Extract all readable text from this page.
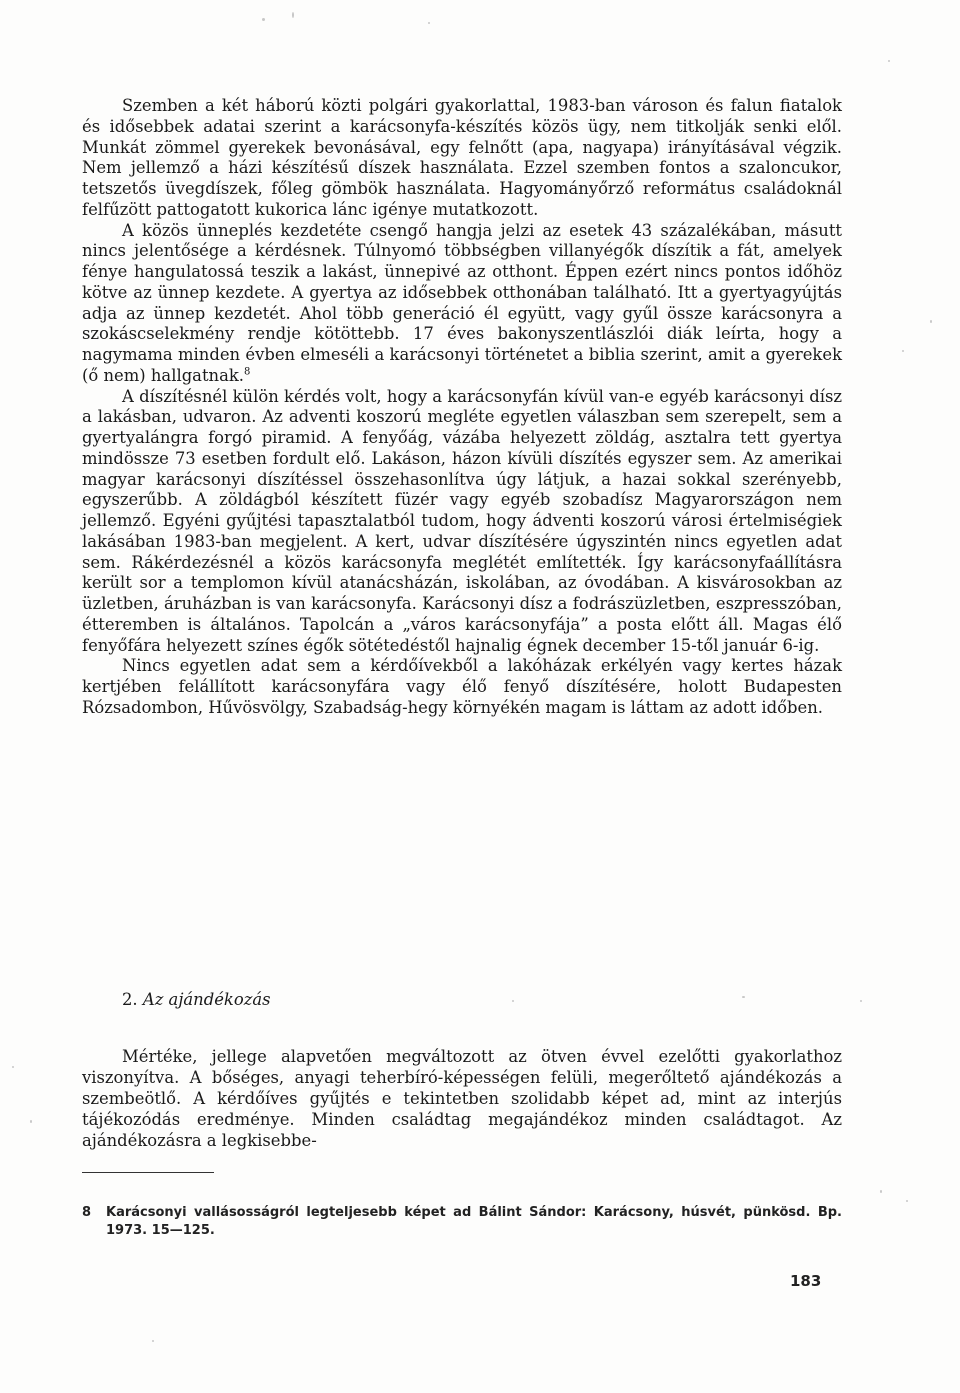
Szemben a két háború közti polgári gyakorlattal, 1983-ban városon és falun fiatalok és idősebbek adatai szerint a karácsonyfa-készítés közös ügy, nem titkolják senki elől. Munkát zömmel gyerekek bevonásával, egy felnőtt (apa, nagyapa) irányításával végzik. Nem jellemző a házi készítésű díszek használata. Ezzel szemben fontos a szaloncukor, tetszetős üvegdíszek, főleg gömbök használata. Hagyományőrző református családoknál felfűzött pattogatott kukorica lánc igénye mutatkozott.

A közös ünneplés kezdetéte csengő hangja jelzi az esetek 43 százalékában, másutt nincs jelentősége a kérdésnek. Túlnyomó többségben villanyégők díszítik a fát, amelyek fénye hangulatossá teszik a lakást, ünnepivé az otthont. Éppen ezért nincs pontos időhöz kötve az ünnep kezdete. A gyertya az idősebbek otthonában található. Itt a gyertyagyújtás adja az ünnep kezdetét. Ahol több generáció él együtt, vagy gyűl össze karácsonyra a szokáscselekmény rendje kötöttebb. 17 éves bakonyszentlászlói diák leírta, hogy a nagymama minden évben elmeséli a karácsonyi történetet a biblia szerint, amit a gyerekek (ő nem) hallgatnak.$^8$

A díszítésnél külön kérdés volt, hogy a karácsonyfán kívül van-e egyéb karácsonyi dísz a lakásban, udvaron. Az adventi koszorú meglétе egyetlen válaszban sem szerepelt, sem a gyertyalángra forgó piramid. A fenyőág, vázába helyezett zöldág, asztalra tett gyertya mindössze 73 esetben fordult elő. Lakáson, házon kívüli díszítés egyszer sem. Az amerikai magyar karácsonyi díszítéssel összehasonlítva úgy látjuk, a hazai sokkal szerényebb, egyszerűbb. A zöldágból készített füzér vagy egyéb szobadísz Magyarországon nem jellemző. Egyéni gyűjtési tapasztalatból tudom, hogy ádventi koszorú városi értelmiségiek lakásában 1983-ban megjelent. A kert, udvar díszítésére úgyszintén nincs egyetlen adat sem. Rákérdezésnél a közös karácsonyfa meglétét említették. Így karácsonyfaállításra került sor a templomon kívül atanácsházán, iskolában, az óvodában. A kisvárosokban az üzletben, áruházban is van karácsonyfa. Karácsonyi dísz a fodrászüzletben, eszpresszóban, étteremben is általános. Tapolcán a „város karácsonyfája” a posta előtt áll. Magas élő fenyőfára helyezett színes égők sötétedéstől hajnalig égnek december 15-től január 6-ig.

Nincs egyetlen adat sem a kérdőívekből a lakóházak erkélyén vagy kertes házak kertjében felállított karácsonyfára vagy élő fenyő díszítésére, holott Budapesten Rózsadombon, Hűvösvölgy, Szabadság-hegy környékén magam is láttam az adott időben.

2. Az ajándékozás

Mértéke, jellege alapvetően megváltozott az ötven évvel ezelőtti gyakorlathoz viszonyítva. A bőséges, anyagi teherbíró-képességen felüli, megerőltető ajándékozás a szembeötlő. A kérdőíves gyűjtés e tekintetben szolidabb képet ad, mint az interjús tájékozódás eredménye. Minden családtag megajándékoz minden családtagot. Az ajándékozásra a legkisebbe-

8 Karácsonyi vallásosságról legteljesebb képet ad Bálint Sándor: Karácsony, húsvét, pünkösd. Bp. 1973. 15—125.
183
